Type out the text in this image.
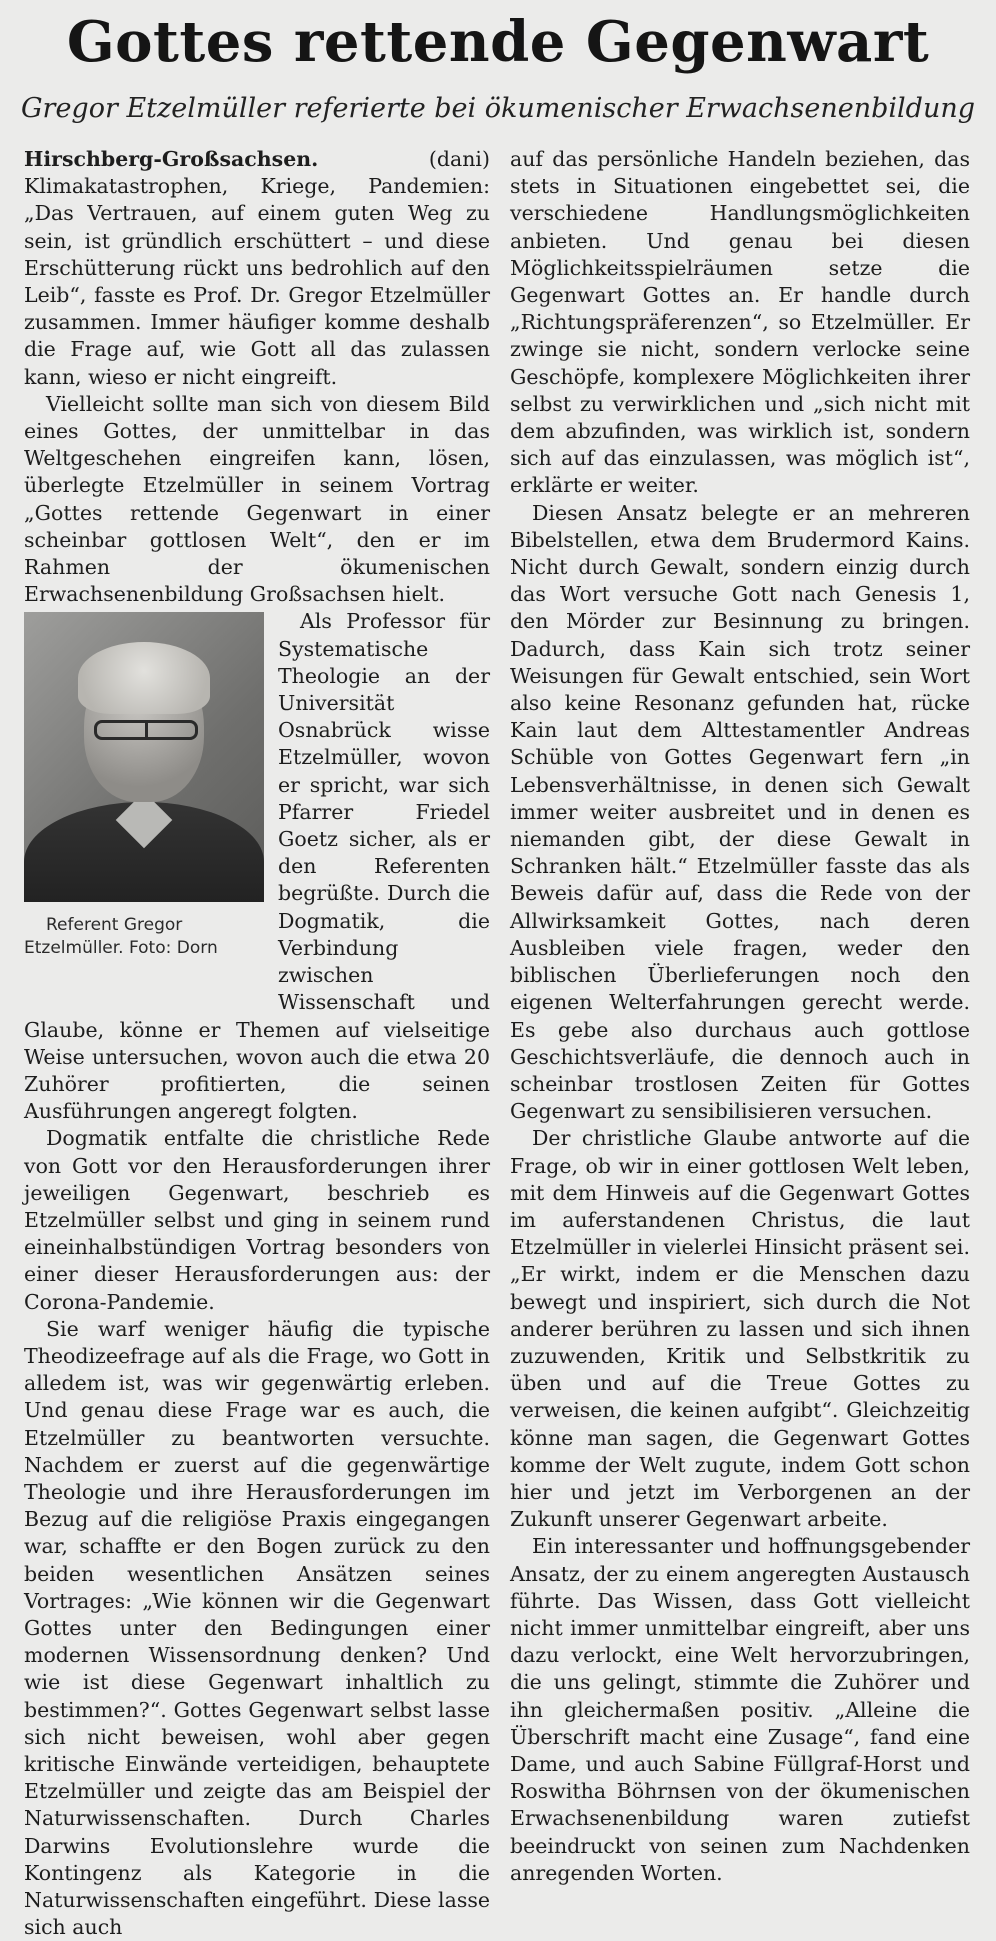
Gottes rettende Gegenwart
Gregor Etzelmüller referierte bei ökumenischer Erwachsenenbildung

Hirschberg-Großsachsen.	(dani) Klimakatastrophen, Kriege, Pandemien: „Das Vertrauen, auf einem guten Weg zu sein, ist gründlich erschüttert – und diese Erschütterung rückt uns bedrohlich auf den Leib“, fasste es Prof. Dr. Gregor Etzelmüller zusammen. Immer häufiger komme deshalb die Frage auf, wie Gott all das zulassen kann, wieso er nicht eingreift.

Vielleicht sollte man sich von diesem Bild eines Gottes, der unmittelbar in das Weltgeschehen eingreifen kann, lösen, überlegte Etzelmüller in seinem Vortrag „Gottes rettende Gegenwart in einer scheinbar gottlosen Welt“, den er im Rahmen der ökumenischen Erwachsenenbildung Großsachsen hielt.

Referent Gregor Etzelmüller. Foto: Dorn
Als Professor für Systematische Theologie an der Universität Osnabrück wisse Etzelmüller, wovon er spricht, war sich Pfarrer Friedel Goetz sicher, als er den Referenten begrüßte. Durch die Dogmatik, die Verbindung zwischen Wissenschaft und Glaube, könne er Themen auf vielseitige Weise untersuchen, wovon auch die etwa 20 Zuhörer profitierten, die seinen Ausführungen angeregt folgten.

Dogmatik entfalte die christliche Rede von Gott vor den Herausforderungen ihrer jeweiligen Gegenwart, beschrieb es Etzelmüller selbst und ging in seinem rund eineinhalbstündigen Vortrag besonders von einer dieser Herausforderungen aus: der Corona-Pandemie.

Sie warf weniger häufig die typische Theodizeefrage auf als die Frage, wo Gott in alledem ist, was wir gegenwärtig erleben. Und genau diese Frage war es auch, die Etzelmüller zu beantworten versuchte. Nachdem er zuerst auf die gegenwärtige Theologie und ihre Herausforderungen im Bezug auf die religiöse Praxis eingegangen war, schaffte er den Bogen zurück zu den beiden wesentlichen Ansätzen seines Vortrages: „Wie können wir die Gegenwart Gottes unter den Bedingungen einer modernen Wissensordnung denken? Und wie ist diese Gegenwart inhaltlich zu bestimmen?“. Gottes Gegenwart selbst lasse sich nicht beweisen, wohl aber gegen kritische Einwände verteidigen, behauptete Etzelmüller und zeigte das am Beispiel der Naturwissenschaften. Durch Charles Darwins Evolutionslehre wurde die Kontingenz als Kategorie in die Naturwissenschaften eingeführt. Diese lasse sich auch

auf das persönliche Handeln beziehen, das stets in Situationen eingebettet sei, die verschiedene Handlungsmöglichkeiten anbieten. Und genau bei diesen Möglichkeitsspielräumen setze die Gegenwart Gottes an. Er handle durch „Richtungspräferenzen“, so Etzelmüller. Er zwinge sie nicht, sondern verlocke seine Geschöpfe, komplexere Möglichkeiten ihrer selbst zu verwirklichen und „sich nicht mit dem abzufinden, was wirklich ist, sondern sich auf das einzulassen, was möglich ist“, erklärte er weiter.

Diesen Ansatz belegte er an mehreren Bibelstellen, etwa dem Brudermord Kains. Nicht durch Gewalt, sondern einzig durch das Wort versuche Gott nach Genesis 1, den Mörder zur Besinnung zu bringen. Dadurch, dass Kain sich trotz seiner Weisungen für Gewalt entschied, sein Wort also keine Resonanz gefunden hat, rücke Kain laut dem Alttestamentler Andreas Schüble von Gottes Gegenwart fern „in Lebensverhältnisse, in denen sich Gewalt immer weiter ausbreitet und in denen es niemanden gibt, der diese Gewalt in Schranken hält.“ Etzelmüller fasste das als Beweis dafür auf, dass die Rede von der Allwirksamkeit Gottes, nach deren Ausbleiben viele fragen, weder den biblischen Überlieferungen noch den eigenen Welterfahrungen gerecht werde. Es gebe also durchaus auch gottlose Geschichtsverläufe, die dennoch auch in scheinbar trostlosen Zeiten für Gottes Gegenwart zu sensibilisieren versuchen.

Der christliche Glaube antworte auf die Frage, ob wir in einer gottlosen Welt leben, mit dem Hinweis auf die Gegenwart Gottes im auferstandenen Christus, die laut Etzelmüller in vielerlei Hinsicht präsent sei. „Er wirkt, indem er die Menschen dazu bewegt und inspiriert, sich durch die Not anderer berühren zu lassen und sich ihnen zuzuwenden, Kritik und Selbstkritik zu üben und auf die Treue Gottes zu verweisen, die keinen aufgibt“. Gleichzeitig könne man sagen, die Gegenwart Gottes komme der Welt zugute, indem Gott schon hier und jetzt im Verborgenen an der Zukunft unserer Gegenwart arbeite.

Ein interessanter und hoffnungsgebender Ansatz, der zu einem angeregten Austausch führte. Das Wissen, dass Gott vielleicht nicht immer unmittelbar eingreift, aber uns dazu verlockt, eine Welt hervorzubringen, die uns gelingt, stimmte die Zuhörer und ihn gleichermaßen positiv. „Alleine die Überschrift macht eine Zusage“, fand eine Dame, und auch Sabine Füllgraf-Horst und Roswitha Böhrnsen von der ökumenischen Erwachsenenbildung waren zutiefst beeindruckt von seinen zum Nachdenken anregenden Worten.
